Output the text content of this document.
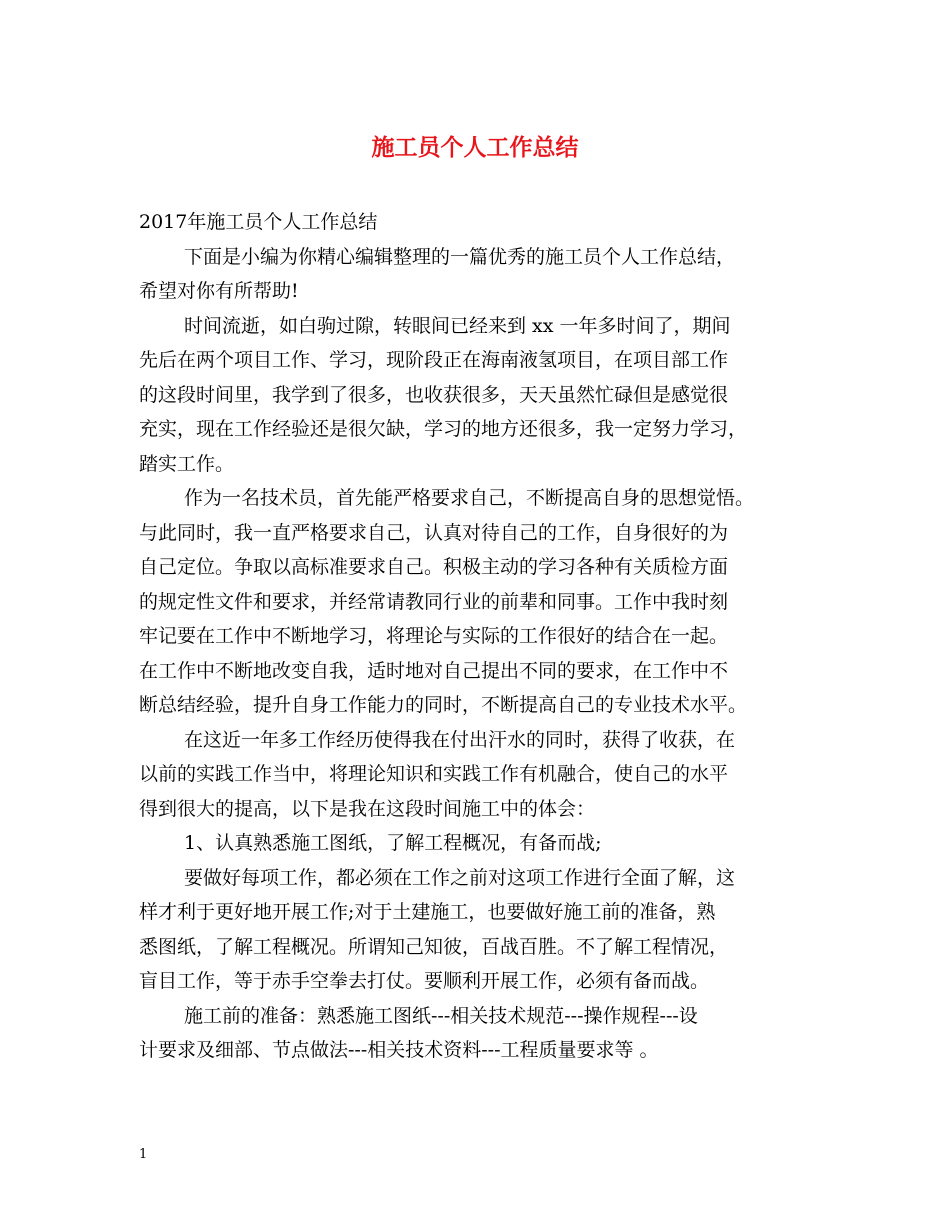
施工员个人工作总结
2017年施工员个人工作总结
下面是小编为你精心编辑整理的一篇优秀的施工员个人工作总结，
希望对你有所帮助!
时间流逝，如白驹过隙，转眼间已经来到 xx 一年多时间了，期间
先后在两个项目工作、学习，现阶段正在海南液氢项目，在项目部工作
的这段时间里，我学到了很多，也收获很多，天天虽然忙碌但是感觉很
充实，现在工作经验还是很欠缺，学习的地方还很多，我一定努力学习，
踏实工作。
作为一名技术员，首先能严格要求自己，不断提高自身的思想觉悟。
与此同时，我一直严格要求自己，认真对待自己的工作，自身很好的为
自己定位。争取以高标准要求自己。积极主动的学习各种有关质检方面
的规定性文件和要求，并经常请教同行业的前辈和同事。工作中我时刻
牢记要在工作中不断地学习，将理论与实际的工作很好的结合在一起。
在工作中不断地改变自我，适时地对自己提出不同的要求，在工作中不
断总结经验，提升自身工作能力的同时，不断提高自己的专业技术水平。
在这近一年多工作经历使得我在付出汗水的同时，获得了收获，在
以前的实践工作当中，将理论知识和实践工作有机融合，使自己的水平
得到很大的提高，以下是我在这段时间施工中的体会：
1、认真熟悉施工图纸，了解工程概况，有备而战;
要做好每项工作，都必须在工作之前对这项工作进行全面了解，这
样才利于更好地开展工作;对于土建施工，也要做好施工前的准备，熟
悉图纸，了解工程概况。所谓知己知彼，百战百胜。不了解工程情况，
盲目工作，等于赤手空拳去打仗。要顺利开展工作，必须有备而战。
施工前的准备：熟悉施工图纸---相关技术规范---操作规程---设
计要求及细部、节点做法---相关技术资料---工程质量要求等 。
1
